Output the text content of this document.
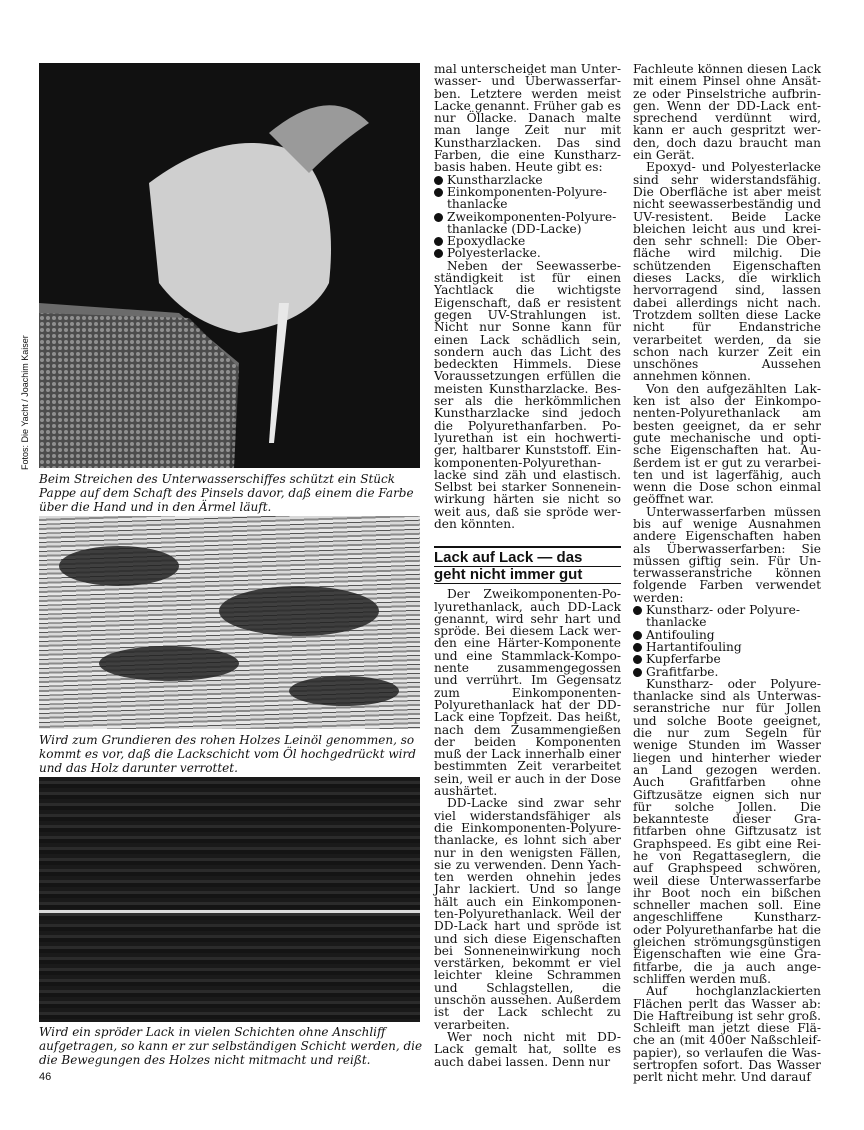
Fotos: Die Yacht / Joachim Kaiser
Beim Streichen des Unterwasserschiffes schützt ein Stück Pappe auf dem Schaft des Pinsels davor, daß einem die Farbe über die Hand und in den Ärmel läuft.
Wird zum Grundieren des rohen Holzes Leinöl genommen, so kommt es vor, daß die Lackschicht vom Öl hochgedrückt wird und das Holz darunter verrottet.
Wird ein spröder Lack in vielen Schichten ohne Anschliff aufgetragen, so kann er zur selbständigen Schicht werden, die die Bewegungen des Holzes nicht mitmacht und reißt.

mal unterscheidet man Unterwasser- und Überwasserfarben. Letztere werden meist Lacke genannt. Früher gab es nur Öllacke. Danach malte man lange Zeit nur mit Kunstharzlacken. Das sind Farben, die eine Kunstharzbasis haben. Heute gibt es:

Kunstharzlacke
Einkomponenten-Polyurethanlacke
Zweikomponenten-Polyurethanlacke (DD-Lacke)
Epoxydlacke
Polyesterlacke.

Neben der Seewasserbeständigkeit ist für einen Yachtlack die wichtigste Eigenschaft, daß er resistent gegen UV-Strahlungen ist. Nicht nur Sonne kann für einen Lack schädlich sein, sondern auch das Licht des bedeckten Himmels. Diese Voraussetzungen erfüllen die meisten Kunstharzlacke. Besser als die herkömmlichen Kunstharzlacke sind jedoch die Polyurethanfarben. Polyurethan ist ein hochwertiger, haltbarer Kunststoff. Einkomponenten-Polyurethanlacke sind zäh und elastisch. Selbst bei starker Sonneneinwirkung härten sie nicht so weit aus, daß sie spröde werden könnten.

Lack auf Lack — das
geht nicht immer gut

Der Zweikomponenten-Polyurethanlack, auch DD-Lack genannt, wird sehr hart und spröde. Bei diesem Lack werden eine Härter-Komponente und eine Stammlack-Komponente zusammengegossen und verrührt. Im Gegensatz zum Einkomponenten-Polyurethanlack hat der DD-Lack eine Topfzeit. Das heißt, nach dem Zusammengießen der beiden Komponenten muß der Lack innerhalb einer bestimmten Zeit verarbeitet sein, weil er auch in der Dose aushärtet.

DD-Lacke sind zwar sehr viel widerstandsfähiger als die Einkomponenten-Polyurethanlacke, es lohnt sich aber nur in den wenigsten Fällen, sie zu verwenden. Denn Yachten werden ohnehin jedes Jahr lackiert. Und so lange hält auch ein Einkomponenten-Polyurethanlack. Weil der DD-Lack hart und spröde ist und sich diese Eigenschaften bei Sonneneinwirkung noch verstärken, bekommt er viel leichter kleine Schrammen und Schlagstellen, die unschön aussehen. Außerdem ist der Lack schlecht zu verarbeiten.

Wer noch nicht mit DD-Lack gemalt hat, sollte es auch dabei lassen. Denn nur

Fachleute können diesen Lack mit einem Pinsel ohne Ansätze oder Pinselstriche aufbringen. Wenn der DD-Lack entsprechend verdünnt wird, kann er auch gespritzt werden, doch dazu braucht man ein Gerät.

Epoxyd- und Polyesterlacke sind sehr widerstandsfähig. Die Oberfläche ist aber meist nicht seewasserbeständig und UV-resistent. Beide Lacke bleichen leicht aus und kreiden sehr schnell: Die Oberfläche wird milchig. Die schützenden Eigenschaften dieses Lacks, die wirklich hervorragend sind, lassen dabei allerdings nicht nach. Trotzdem sollten diese Lacke nicht für Endanstriche verarbeitet werden, da sie schon nach kurzer Zeit ein unschönes Aussehen annehmen können.

Von den aufgezählten Lakken ist also der Einkomponenten-Polyurethanlack am besten geeignet, da er sehr gute mechanische und optische Eigenschaften hat. Außerdem ist er gut zu verarbeiten und ist lagerfähig, auch wenn die Dose schon einmal geöffnet war.

Unterwasserfarben müssen bis auf wenige Ausnahmen andere Eigenschaften haben als Überwasserfarben: Sie müssen giftig sein. Für Unterwasseranstriche können folgende Farben verwendet werden:

Kunstharz- oder Polyurethanlacke
Antifouling
Hartantifouling
Kupferfarbe
Grafitfarbe.

Kunstharz- oder Polyurethanlacke sind als Unterwasseranstriche nur für Jollen und solche Boote geeignet, die nur zum Segeln für wenige Stunden im Wasser liegen und hinterher wieder an Land gezogen werden. Auch Grafitfarben ohne Giftzusätze eignen sich nur für solche Jollen. Die bekannteste dieser Grafitfarben ohne Giftzusatz ist Graphspeed. Es gibt eine Reihe von Regattaseglern, die auf Graphspeed schwören, weil diese Unterwasserfarbe ihr Boot noch ein bißchen schneller machen soll. Eine angeschliffene Kunstharz- oder Polyurethanfarbe hat die gleichen strömungsgünstigen Eigenschaften wie eine Grafitfarbe, die ja auch angeschliffen werden muß.

Auf hochglanzlackierten Flächen perlt das Wasser ab: Die Haftreibung ist sehr groß. Schleift man jetzt diese Fläche an (mit 400er Naßschleifpapier), so verlaufen die Wassertropfen sofort. Das Wasser perlt nicht mehr. Und darauf

46
